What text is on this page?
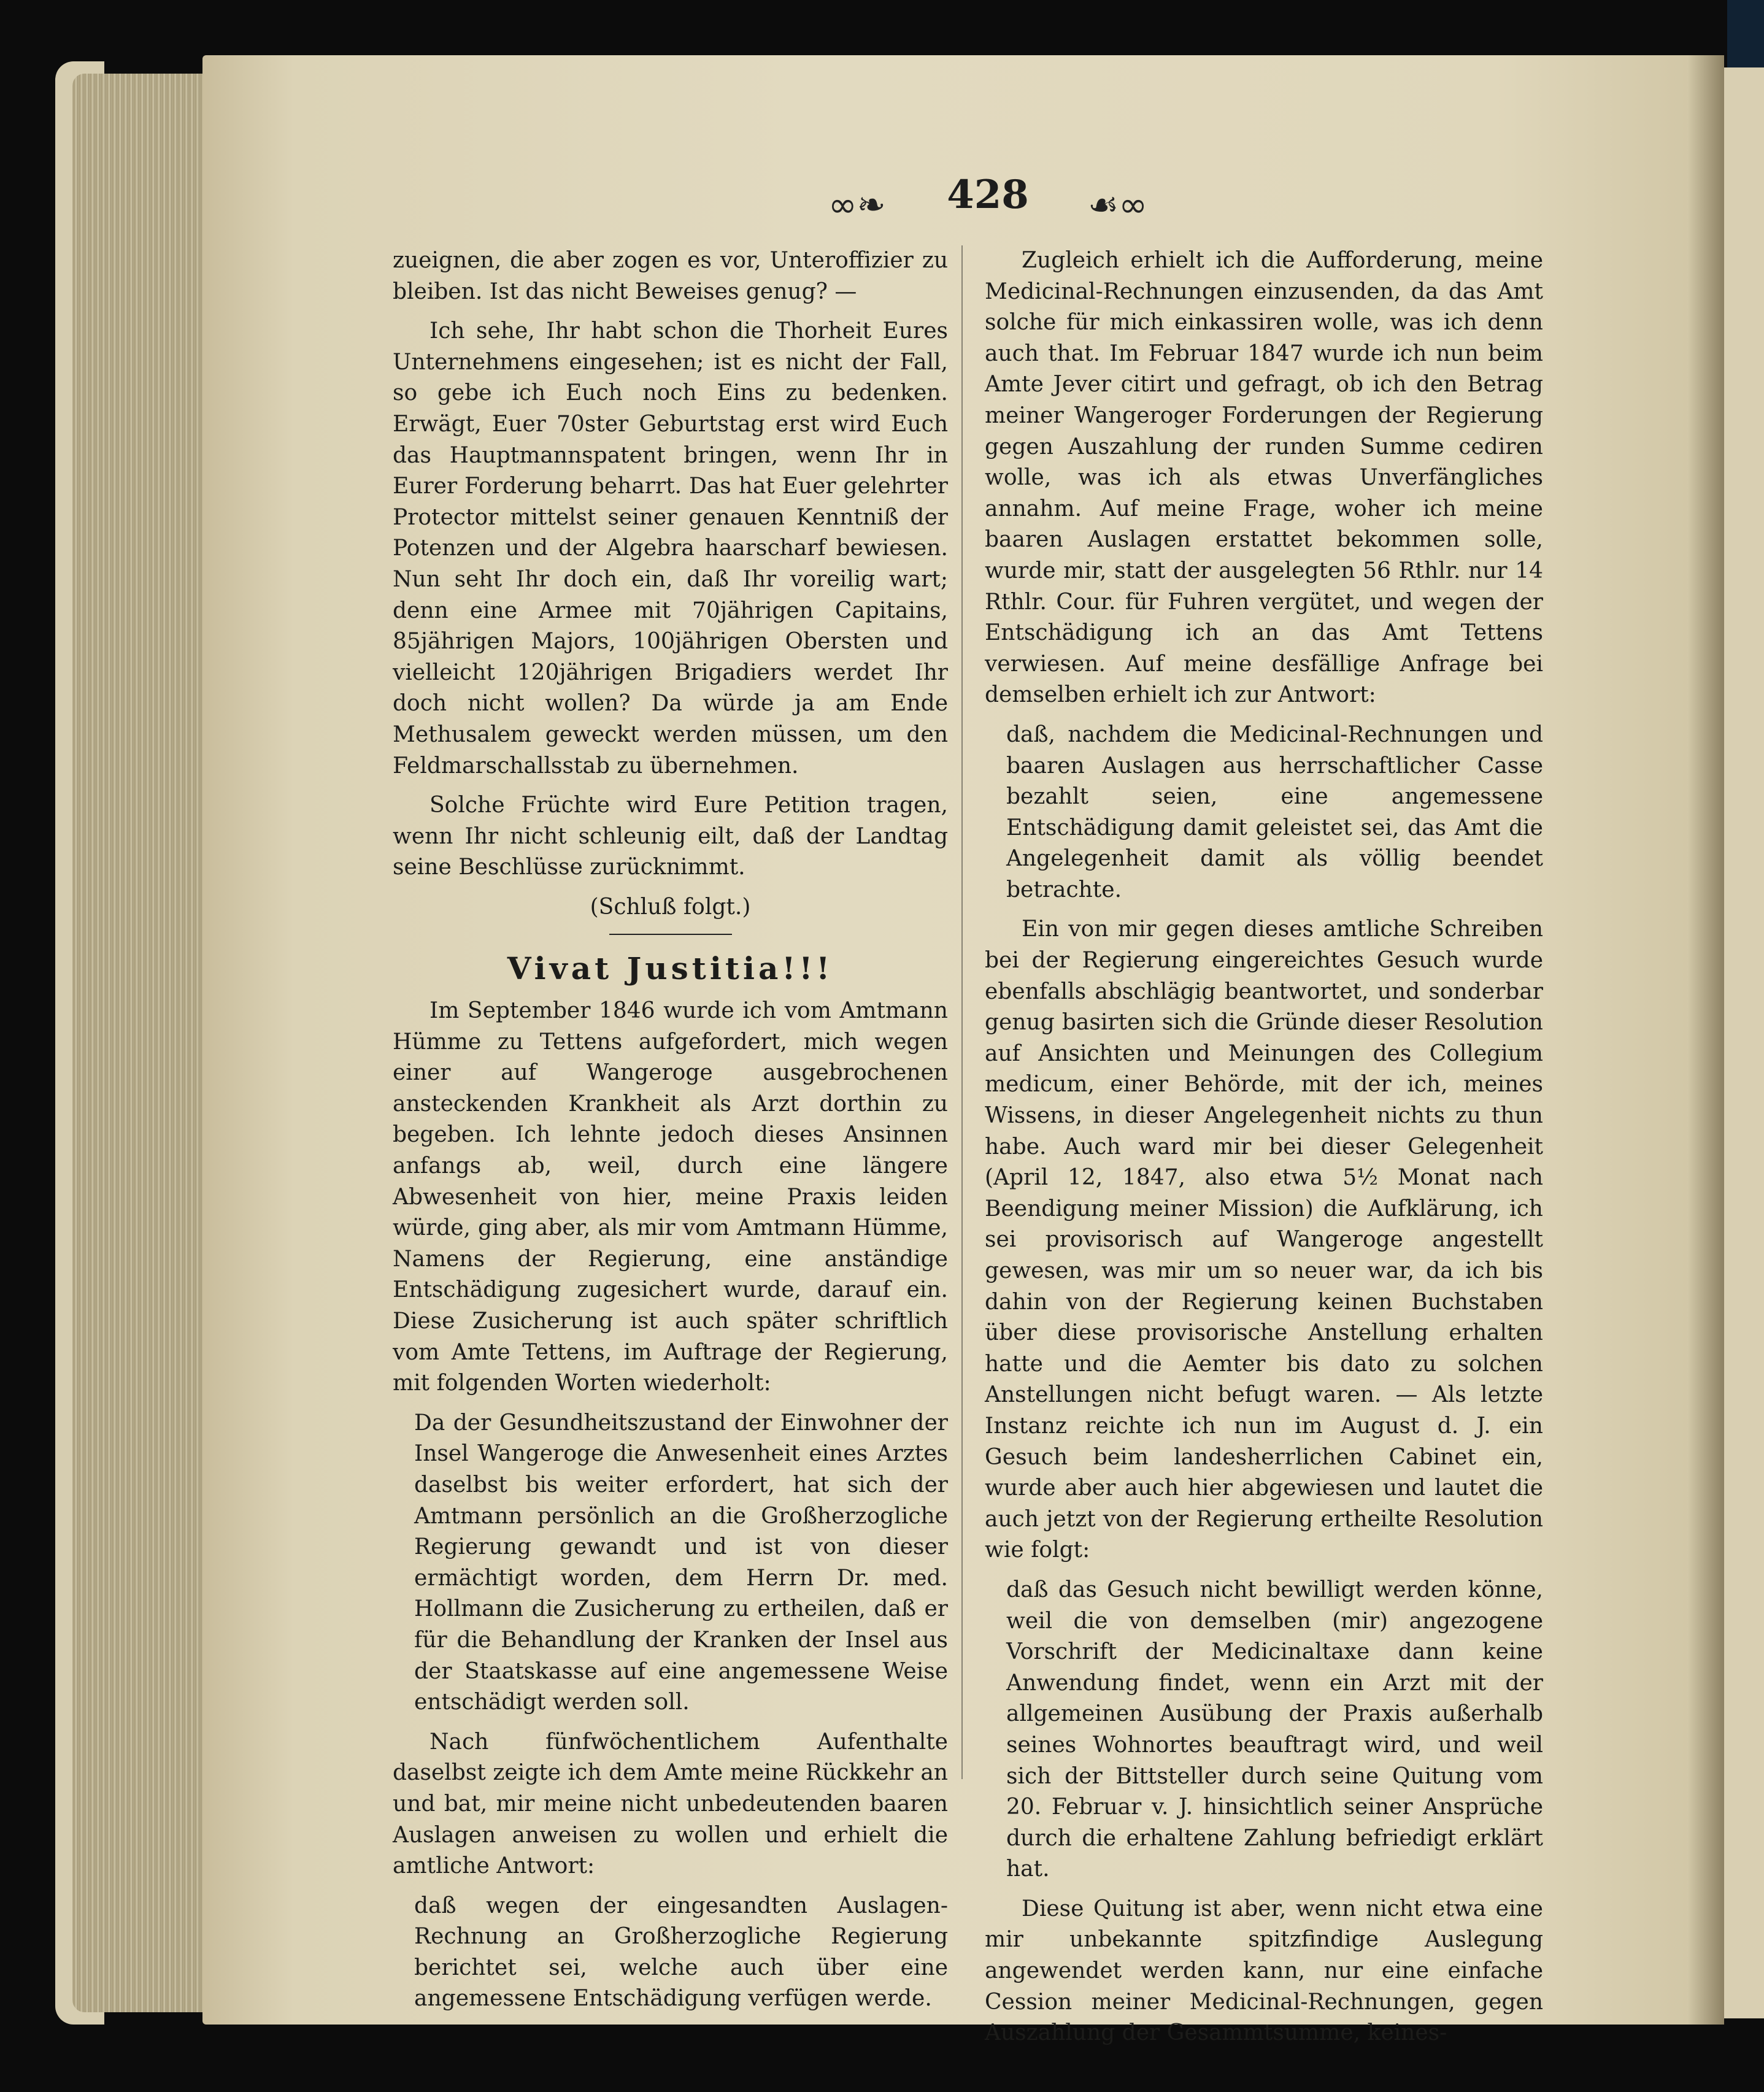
∞❧	428	☙∞

zueignen, die aber zogen es vor, Unteroffizier zu bleiben. Ist das nicht Beweises genug? —

Ich sehe, Ihr habt schon die Thorheit Eures Unternehmens eingesehen; ist es nicht der Fall, so gebe ich Euch noch Eins zu bedenken. Erwägt, Euer 70ster Geburtstag erst wird Euch das Hauptmannspatent bringen, wenn Ihr in Eurer Forderung beharrt. Das hat Euer gelehrter Protector mittelst seiner genauen Kenntniß der Potenzen und der Algebra haarscharf bewiesen. Nun seht Ihr doch ein, daß Ihr voreilig wart; denn eine Armee mit 70jährigen Capitains, 85jährigen Majors, 100jährigen Obersten und vielleicht 120jährigen Brigadiers werdet Ihr doch nicht wollen? Da würde ja am Ende Methusalem geweckt werden müssen, um den Feldmarschallsstab zu übernehmen.

Solche Früchte wird Eure Petition tragen, wenn Ihr nicht schleunig eilt, daß der Landtag seine Beschlüsse zurücknimmt.

(Schluß folgt.)

Vivat Justitia!!!

Im September 1846 wurde ich vom Amtmann Hümme zu Tettens aufgefordert, mich wegen einer auf Wangeroge ausgebrochenen ansteckenden Krankheit als Arzt dorthin zu begeben. Ich lehnte jedoch dieses Ansinnen anfangs ab, weil, durch eine längere Abwesenheit von hier, meine Praxis leiden würde, ging aber, als mir vom Amtmann Hümme, Namens der Regierung, eine anständige Entschädigung zugesichert wurde, darauf ein. Diese Zusicherung ist auch später schriftlich vom Amte Tettens, im Auftrage der Regierung, mit folgenden Worten wiederholt:

Da der Gesundheitszustand der Einwohner der Insel Wangeroge die Anwesenheit eines Arztes daselbst bis weiter erfordert, hat sich der Amtmann persönlich an die Großherzogliche Regierung gewandt und ist von dieser ermächtigt worden, dem Herrn Dr. med. Hollmann die Zusicherung zu ertheilen, daß er für die Behandlung der Kranken der Insel aus der Staatskasse auf eine angemessene Weise entschädigt werden soll.

Nach fünfwöchentlichem Aufenthalte daselbst zeigte ich dem Amte meine Rückkehr an und bat, mir meine nicht unbedeutenden baaren Auslagen anweisen zu wollen und erhielt die amtliche Antwort:

daß wegen der eingesandten Auslagen-Rechnung an Großherzogliche Regierung berichtet sei, welche auch über eine angemessene Entschädigung verfügen werde.

Zugleich erhielt ich die Aufforderung, meine Medicinal-Rechnungen einzusenden, da das Amt solche für mich einkassiren wolle, was ich denn auch that. Im Februar 1847 wurde ich nun beim Amte Jever citirt und gefragt, ob ich den Betrag meiner Wangeroger Forderungen der Regierung gegen Auszahlung der runden Summe cediren wolle, was ich als etwas Unverfängliches annahm. Auf meine Frage, woher ich meine baaren Auslagen erstattet bekommen solle, wurde mir, statt der ausgelegten 56 Rthlr. nur 14 Rthlr. Cour. für Fuhren vergütet, und wegen der Entschädigung ich an das Amt Tettens verwiesen. Auf meine desfällige Anfrage bei demselben erhielt ich zur Antwort:

daß, nachdem die Medicinal-Rechnungen und baaren Auslagen aus herrschaftlicher Casse bezahlt seien, eine angemessene Entschädigung damit geleistet sei, das Amt die Angelegenheit damit als völlig beendet betrachte.

Ein von mir gegen dieses amtliche Schreiben bei der Regierung eingereichtes Gesuch wurde ebenfalls abschlägig beantwortet, und sonderbar genug basirten sich die Gründe dieser Resolution auf Ansichten und Meinungen des Collegium medicum, einer Behörde, mit der ich, meines Wissens, in dieser Angelegenheit nichts zu thun habe. Auch ward mir bei dieser Gelegenheit (April 12, 1847, also etwa 5½ Monat nach Beendigung meiner Mission) die Aufklärung, ich sei provisorisch auf Wangeroge angestellt gewesen, was mir um so neuer war, da ich bis dahin von der Regierung keinen Buchstaben über diese provisorische Anstellung erhalten hatte und die Aemter bis dato zu solchen Anstellungen nicht befugt waren. — Als letzte Instanz reichte ich nun im August d. J. ein Gesuch beim landesherrlichen Cabinet ein, wurde aber auch hier abgewiesen und lautet die auch jetzt von der Regierung ertheilte Resolution wie folgt:

daß das Gesuch nicht bewilligt werden könne, weil die von demselben (mir) angezogene Vorschrift der Medicinaltaxe dann keine Anwendung findet, wenn ein Arzt mit der allgemeinen Ausübung der Praxis außerhalb seines Wohnortes beauftragt wird, und weil sich der Bittsteller durch seine Quitung vom 20. Februar v. J. hinsichtlich seiner Ansprüche durch die erhaltene Zahlung befriedigt erklärt hat.

Diese Quitung ist aber, wenn nicht etwa eine mir unbekannte spitzfindige Auslegung angewendet werden kann, nur eine einfache Cession meiner Medicinal-Rechnungen, gegen Auszahlung der Gesammtsumme, keines-
